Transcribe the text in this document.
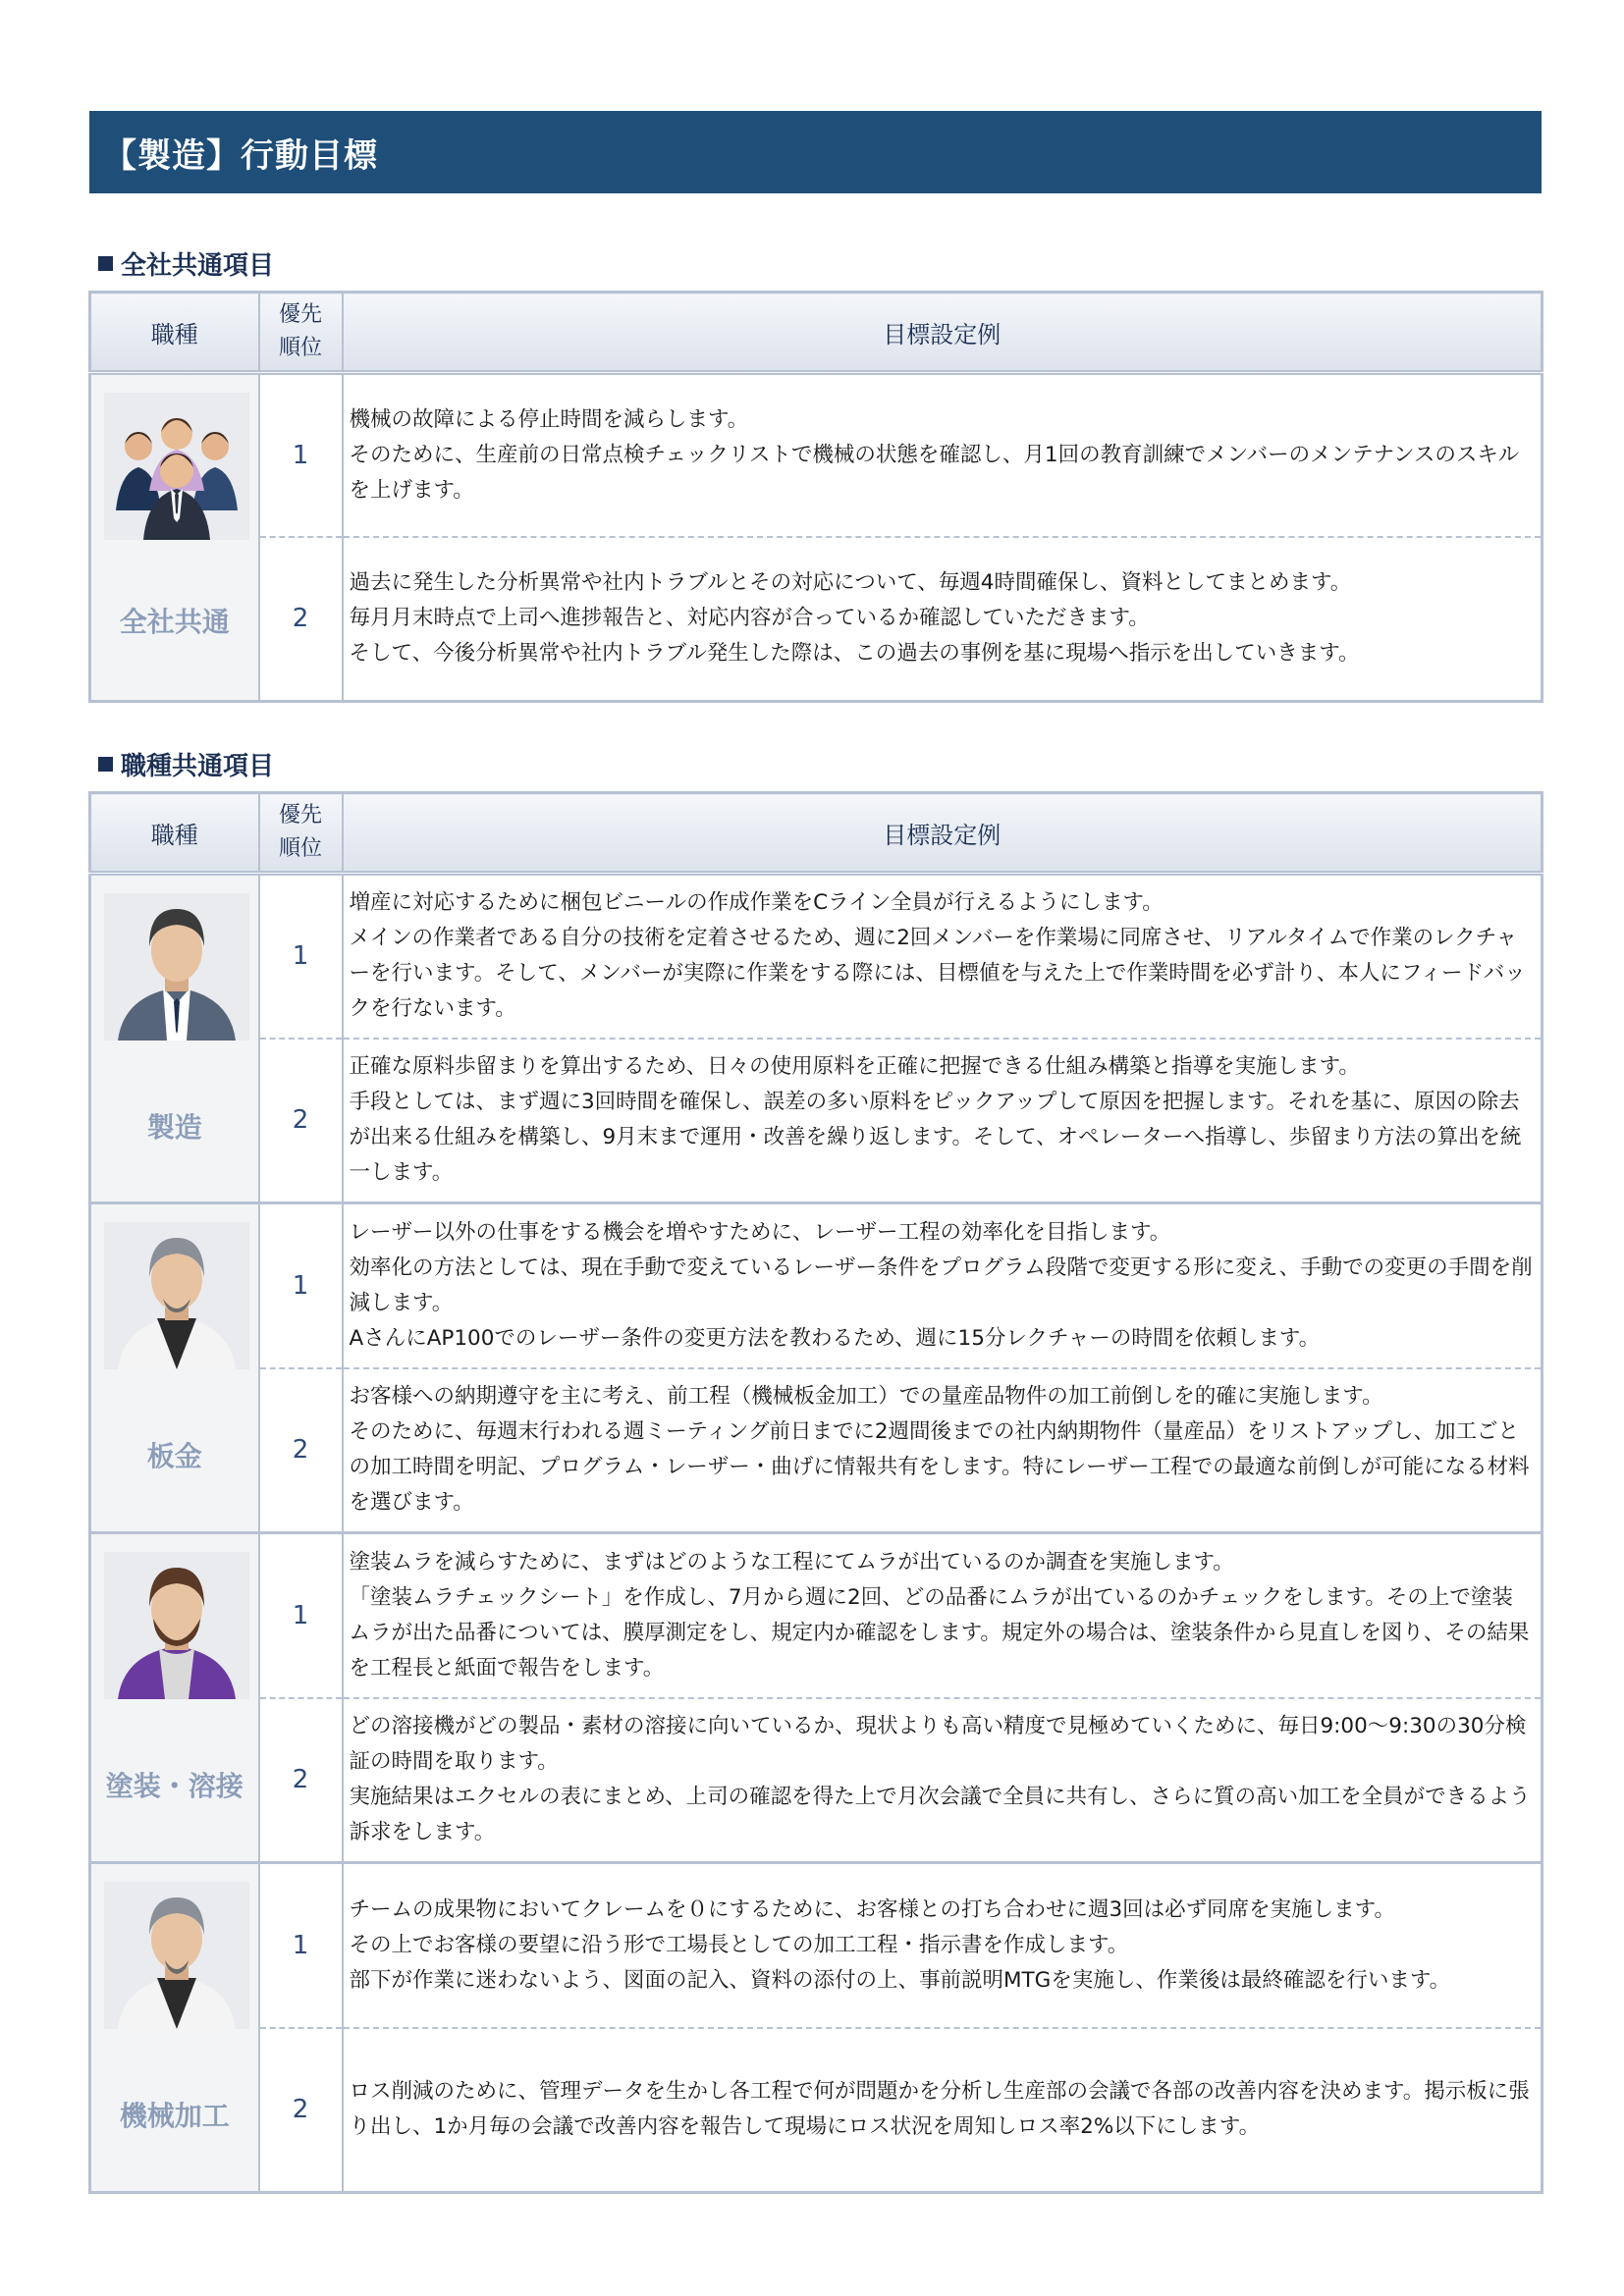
【製造】行動目標
全社共通項目
職種	優先
順位	目標設定例

全社共通	1	機械の故障による停止時間を減らします。
そのために、生産前の日常点検チェックリストで機械の状態を確認し、月1回の教育訓練でメンバーのメンテナンスのスキルを上げます。

	2	過去に発生した分析異常や社内トラブルとその対応について、毎週4時間確保し、資料としてまとめます。
毎月月末時点で上司へ進捗報告と、対応内容が合っているか確認していただきます。
そして、今後分析異常や社内トラブル発生した際は、この過去の事例を基に現場へ指示を出していきます。
職種共通項目
職種	優先
順位	目標設定例

製造	1	増産に対応するために梱包ビニールの作成作業をCライン全員が行えるようにします。
メインの作業者である自分の技術を定着させるため、週に2回メンバーを作業場に同席させ、リアルタイムで作業のレクチャーを行います。そして、メンバーが実際に作業をする際には、目標値を与えた上で作業時間を必ず計り、本人にフィードバックを行ないます。

	2	正確な原料歩留まりを算出するため、日々の使用原料を正確に把握できる仕組み構築と指導を実施します。
手段としては、まず週に3回時間を確保し、誤差の多い原料をピックアップして原因を把握します。それを基に、原因の除去が出来る仕組みを構築し、9月末まで運用・改善を繰り返します。そして、オペレーターへ指導し、歩留まり方法の算出を統一します。

板金	1	レーザー以外の仕事をする機会を増やすために、レーザー工程の効率化を目指します。
効率化の方法としては、現在手動で変えているレーザー条件をプログラム段階で変更する形に変え、手動での変更の手間を削減します。
AさんにAP100でのレーザー条件の変更方法を教わるため、週に15分レクチャーの時間を依頼します。

	2	お客様への納期遵守を主に考え、前工程（機械板金加工）での量産品物件の加工前倒しを的確に実施します。
そのために、毎週末行われる週ミーティング前日までに2週間後までの社内納期物件（量産品）をリストアップし、加工ごとの加工時間を明記、プログラム・レーザー・曲げに情報共有をします。特にレーザー工程での最適な前倒しが可能になる材料を選びます。

塗装・溶接	1	塗装ムラを減らすために、まずはどのような工程にてムラが出ているのか調査を実施します。
「塗装ムラチェックシート」を作成し、7月から週に2回、どの品番にムラが出ているのかチェックをします。その上で塗装ムラが出た品番については、膜厚測定をし、規定内か確認をします。規定外の場合は、塗装条件から見直しを図り、その結果を工程長と紙面で報告をします。

	2	どの溶接機がどの製品・素材の溶接に向いているか、現状よりも高い精度で見極めていくために、毎日9:00～9:30の30分検証の時間を取ります。
実施結果はエクセルの表にまとめ、上司の確認を得た上で月次会議で全員に共有し、さらに質の高い加工を全員ができるよう訴求をします。

機械加工	1	チームの成果物においてクレームを０にするために、お客様との打ち合わせに週3回は必ず同席を実施します。
その上でお客様の要望に沿う形で工場長としての加工工程・指示書を作成します。
部下が作業に迷わないよう、図面の記入、資料の添付の上、事前説明MTGを実施し、作業後は最終確認を行います。

	2	ロス削減のために、管理データを生かし各工程で何が問題かを分析し生産部の会議で各部の改善内容を決めます。掲示板に張り出し、1か月毎の会議で改善内容を報告して現場にロス状況を周知しロス率2%以下にします。
